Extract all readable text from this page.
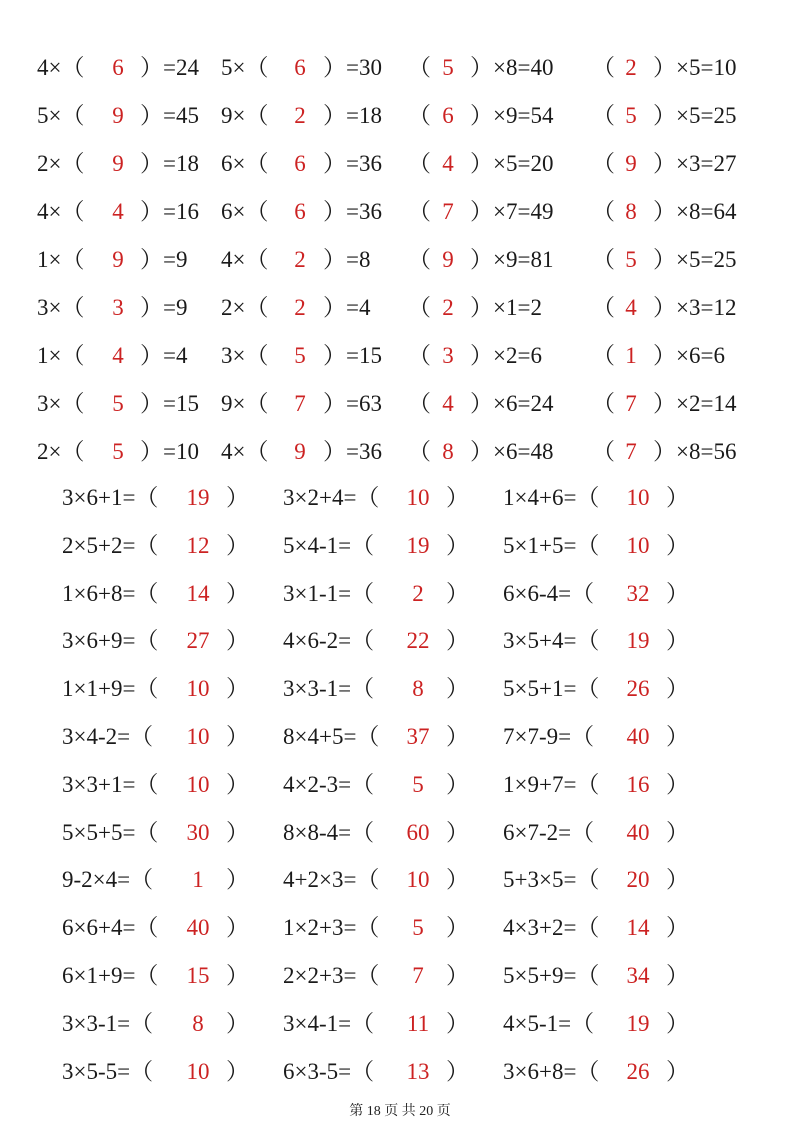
4×（	6 ）=24 5×（	6 ）=30 （ 5 ）×8=40 （ 2 ）×5=10
5×（	9 ）=45 9×（	2 ）=18 （ 6 ）×9=54 （ 5 ）×5=25
2×（	9 ）=18 6×（	6 ）=36 （ 4 ）×5=20 （ 9 ）×3=27
4×（	4 ）=16 6×（	6 ）=36 （ 7 ）×7=49 （ 8 ）×8=64
1×（	9 ）=9 4×（	2 ）=8 （ 9 ）×9=81 （ 5 ）×5=25
3×（	3 ）=9 2×（	2 ）=4 （ 2 ）×1=2 （ 4 ）×3=12
1×（	4 ）=4 3×（	5 ）=15 （ 3 ）×2=6 （ 1 ）×6=6
3×（	5 ）=15 9×（	7 ）=63 （ 4 ）×6=24 （ 7 ）×2=14
2×（	5 ）=10 4×（	9 ）=36 （ 8 ）×6=48 （ 7 ）×8=56
3×6+1=（	19 ） 3×2+4=（	10 ） 1×4+6=（	10 ）
2×5+2=（	12 ） 5×4-1=（	19 ） 5×1+5=（	10 ）
1×6+8=（	14 ） 3×1-1=（	2 ） 6×6-4=（	32 ）
3×6+9=（	27 ） 4×6-2=（	22 ） 3×5+4=（	19 ）
1×1+9=（	10 ） 3×3-1=（	8 ） 5×5+1=（	26 ）
3×4-2=（	10 ） 8×4+5=（	37 ） 7×7-9=（	40 ）
3×3+1=（	10 ） 4×2-3=（	5 ） 1×9+7=（	16 ）
5×5+5=（	30 ） 8×8-4=（	60 ） 6×7-2=（	40 ）
9-2×4=（	1 ） 4+2×3=（	10 ） 5+3×5=（	20 ）
6×6+4=（	40 ） 1×2+3=（	5 ） 4×3+2=（	14 ）
6×1+9=（	15 ） 2×2+3=（	7 ） 5×5+9=（	34 ）
3×3-1=（	8 ） 3×4-1=（	11 ） 4×5-1=（	19 ）
3×5-5=（	10 ） 6×3-5=（	13 ） 3×6+8=（	26 ）
第 18 页 共 20 页
